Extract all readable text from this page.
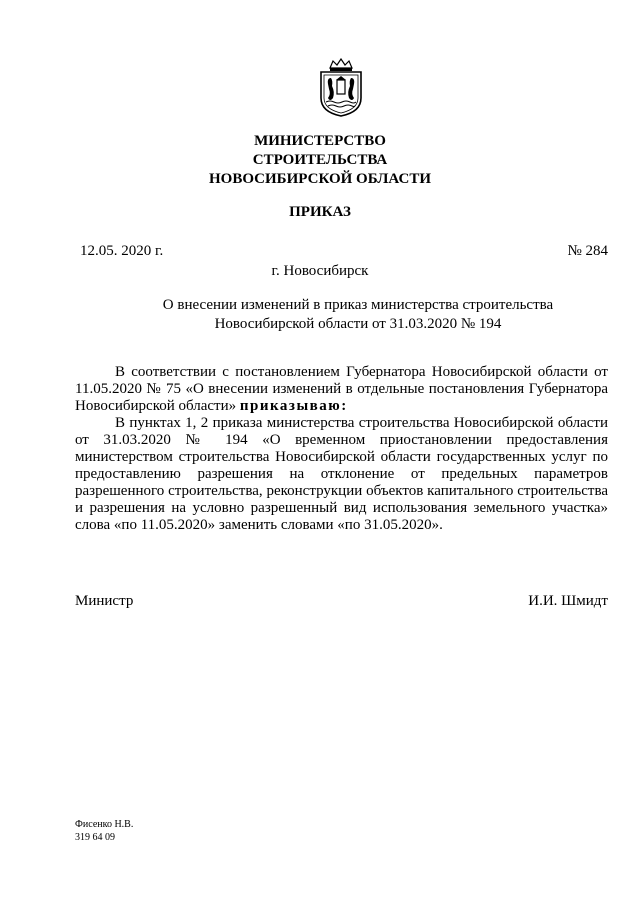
МИНИСТЕРСТВО
СТРОИТЕЛЬСТВА
НОВОСИБИРСКОЙ ОБЛАСТИ
ПРИКАЗ
12.05. 2020 г.	№ 284
г. Новосибирск
О внесении изменений в приказ министерства строительства
Новосибирской области от 31.03.2020 № 194

В соответствии с постановлением Губернатора Новосибирской области от 11.05.2020 № 75 «О внесении изменений в отдельные постановления Губернатора Новосибирской области» приказываю:

В пунктах 1, 2 приказа министерства строительства Новосибирской области от 31.03.2020 № 194 «О временном приостановлении предоставления министерством строительства Новосибирской области государственных услуг по предоставлению разрешения на отклонение от предельных параметров разрешенного строительства, реконструкции объектов капитального строительства и разрешения на условно разрешенный вид использования земельного участка» слова «по 11.05.2020» заменить словами «по 31.05.2020».

Министр	И.И. Шмидт
Фисенко Н.В.
319 64 09
